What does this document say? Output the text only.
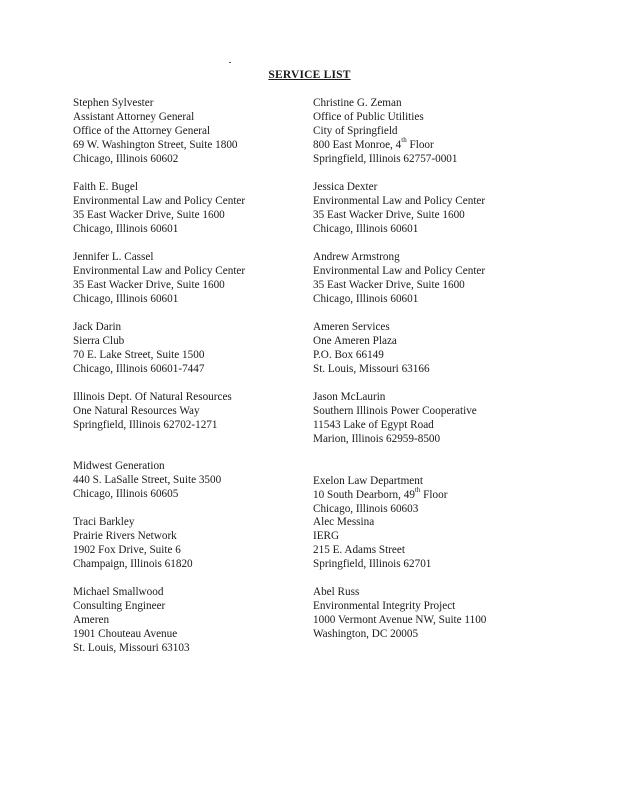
SERVICE LIST
Stephen Sylvester
Assistant Attorney General
Office of the Attorney General
69 W. Washington Street, Suite 1800
Chicago, Illinois 60602
Faith E. Bugel
Environmental Law and Policy Center
35 East Wacker Drive, Suite 1600
Chicago, Illinois 60601
Jennifer L. Cassel
Environmental Law and Policy Center
35 East Wacker Drive, Suite 1600
Chicago, Illinois 60601
Jack Darin
Sierra Club
70 E. Lake Street, Suite 1500
Chicago, Illinois 60601-7447
Illinois Dept. Of Natural Resources
One Natural Resources Way
Springfield, Illinois 62702-1271
Midwest Generation
440 S. LaSalle Street, Suite 3500
Chicago, Illinois 60605
Traci Barkley
Prairie Rivers Network
1902 Fox Drive, Suite 6
Champaign, Illinois 61820
Michael Smallwood
Consulting Engineer
Ameren
1901 Chouteau Avenue
St. Louis, Missouri 63103
Christine G. Zeman
Office of Public Utilities
City of Springfield
800 East Monroe, 4th Floor
Springfield, Illinois 62757-0001
Jessica Dexter
Environmental Law and Policy Center
35 East Wacker Drive, Suite 1600
Chicago, Illinois 60601
Andrew Armstrong
Environmental Law and Policy Center
35 East Wacker Drive, Suite 1600
Chicago, Illinois 60601
Ameren Services
One Ameren Plaza
P.O. Box 66149
St. Louis, Missouri 63166
Jason McLaurin
Southern Illinois Power Cooperative
11543 Lake of Egypt Road
Marion, Illinois 62959-8500
Exelon Law Department
10 South Dearborn, 49th Floor
Chicago, Illinois 60603
Alec Messina
IERG
215 E. Adams Street
Springfield, Illinois 62701
Abel Russ
Environmental Integrity Project
1000 Vermont Avenue NW, Suite 1100
Washington, DC 20005
